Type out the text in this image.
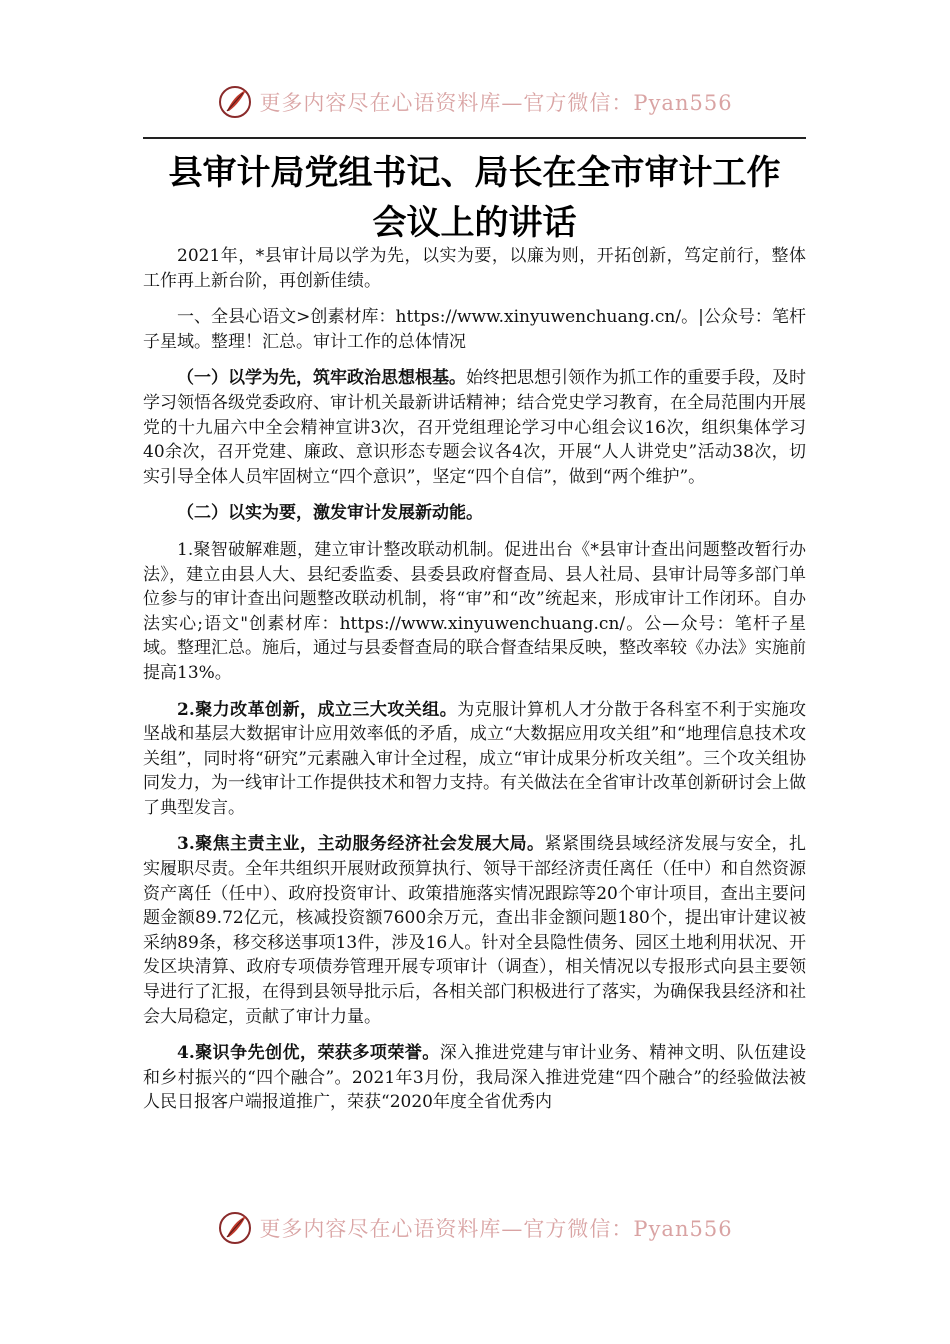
更多内容尽在心语资料库—官方微信：Pyan556
县审计局党组书记、局长在全市审计工作
会议上的讲话

2021年，*县审计局以学为先，以实为要，以廉为则，开拓创新，笃定前行，整体工作再上新台阶，再创新佳绩。

一、全县心语文>创素材库：https://www.xinyuwenchuang.cn/。|公众号：笔杆子星域。整理！汇总。审计工作的总体情况

（一）以学为先，筑牢政治思想根基。始终把思想引领作为抓工作的重要手段，及时学习领悟各级党委政府、审计机关最新讲话精神；结合党史学习教育，在全局范围内开展党的十九届六中全会精神宣讲3次，召开党组理论学习中心组会议16次，组织集体学习40余次，召开党建、廉政、意识形态专题会议各4次，开展“人人讲党史”活动38次，切实引导全体人员牢固树立“四个意识”，坚定“四个自信”，做到“两个维护”。

（二）以实为要，激发审计发展新动能。

1.聚智破解难题，建立审计整改联动机制。促进出台《*县审计查出问题整改暂行办法》，建立由县人大、县纪委监委、县委县政府督查局、县人社局、县审计局等多部门单位参与的审计查出问题整改联动机制，将“审”和“改”统起来，形成审计工作闭环。自办法实心;语文"创素材库：https://www.xinyuwenchuang.cn/。公—众号：笔杆子星域。整理汇总。施后，通过与县委督查局的联合督查结果反映，整改率较《办法》实施前提高13%。

2.聚力改革创新，成立三大攻关组。为克服计算机人才分散于各科室不利于实施攻坚战和基层大数据审计应用效率低的矛盾，成立“大数据应用攻关组”和“地理信息技术攻关组”，同时将“研究”元素融入审计全过程，成立“审计成果分析攻关组”。三个攻关组协同发力，为一线审计工作提供技术和智力支持。有关做法在全省审计改革创新研讨会上做了典型发言。

3.聚焦主责主业，主动服务经济社会发展大局。紧紧围绕县域经济发展与安全，扎实履职尽责。全年共组织开展财政预算执行、领导干部经济责任离任（任中）和自然资源资产离任（任中）、政府投资审计、政策措施落实情况跟踪等20个审计项目，查出主要问题金额89.72亿元，核减投资额7600余万元，查出非金额问题180个，提出审计建议被采纳89条，移交移送事项13件，涉及16人。针对全县隐性债务、园区土地利用状况、开发区块清算、政府专项债券管理开展专项审计（调查），相关情况以专报形式向县主要领导进行了汇报，在得到县领导批示后，各相关部门积极进行了落实，为确保我县经济和社会大局稳定，贡献了审计力量。

4.聚识争先创优，荣获多项荣誉。深入推进党建与审计业务、精神文明、队伍建设和乡村振兴的“四个融合”。2021年3月份，我局深入推进党建“四个融合”的经验做法被人民日报客户端报道推广，荣获“2020年度全省优秀内

更多内容尽在心语资料库—官方微信：Pyan556
